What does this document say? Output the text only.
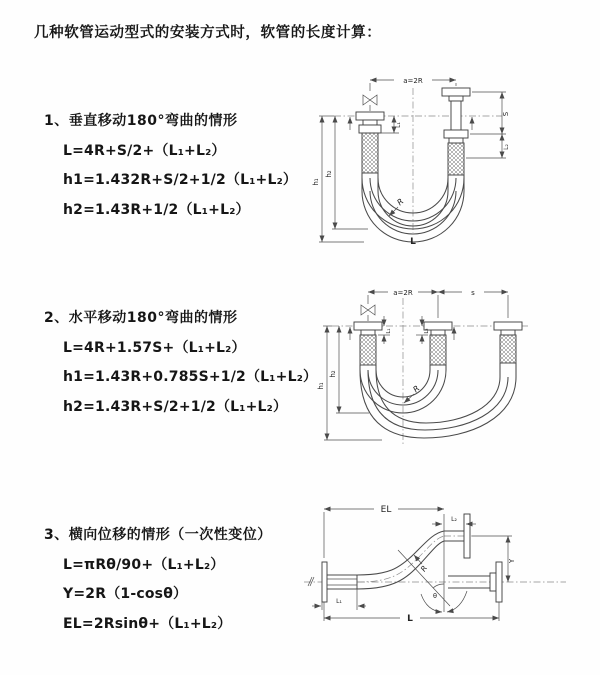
几种软管运动型式的安装方式时，软管的长度计算：
1、垂直移动180°弯曲的情形
L=4R+S/2+（L₁+L₂）
h1=1.432R+S/2+1/2（L₁+L₂）
h2=1.43R+1/2（L₁+L₂）
2、水平移动180°弯曲的情形
L=4R+1.57S+（L₁+L₂）
h1=1.43R+0.785S+1/2（L₁+L₂）
h2=1.43R+S/2+1/2（L₁+L₂）
3、横向位移的情形（一次性变位）
L=πRθ/90+（L₁+L₂）
Y=2R（1-cosθ）
EL=2Rsinθ+（L₁+L₂）
a=2R
h₁
h₂
L₁
S
L₂
R
L
a=2R	s
h₁
h₂
L₁	L₂
R
θ
EL
L₂
Y
R
L₁
L
